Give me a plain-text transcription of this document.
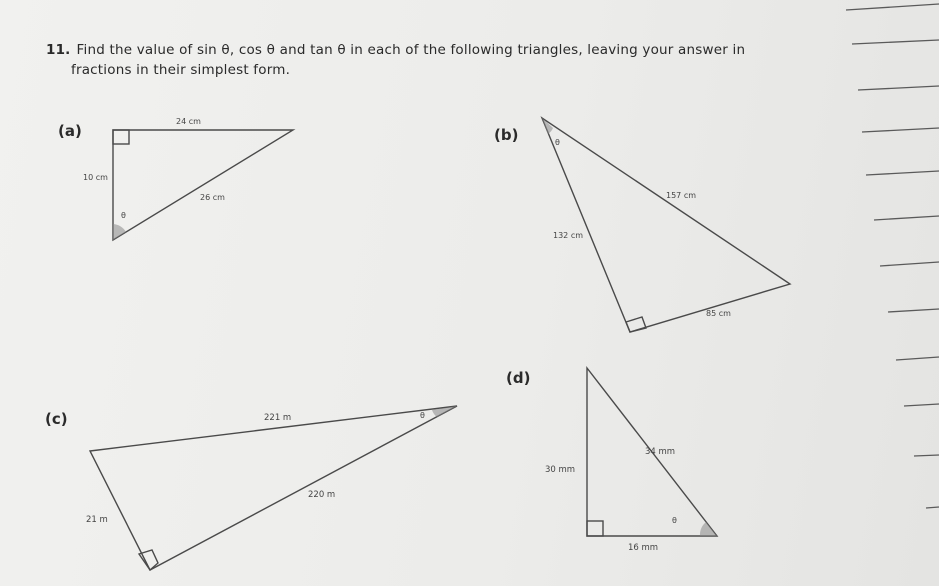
11. Find the value of sin θ, cos θ and tan θ in each of the following triangles, leaving your answer in
fractions in their simplest form.
(a)	(b)
(c)
(d)
24 cm
10 cm
26 cm
θ
θ
157 cm
132 cm
85 cm
221 m	θ
220 m
21 m
34 mm
30 mm
θ
16 mm
